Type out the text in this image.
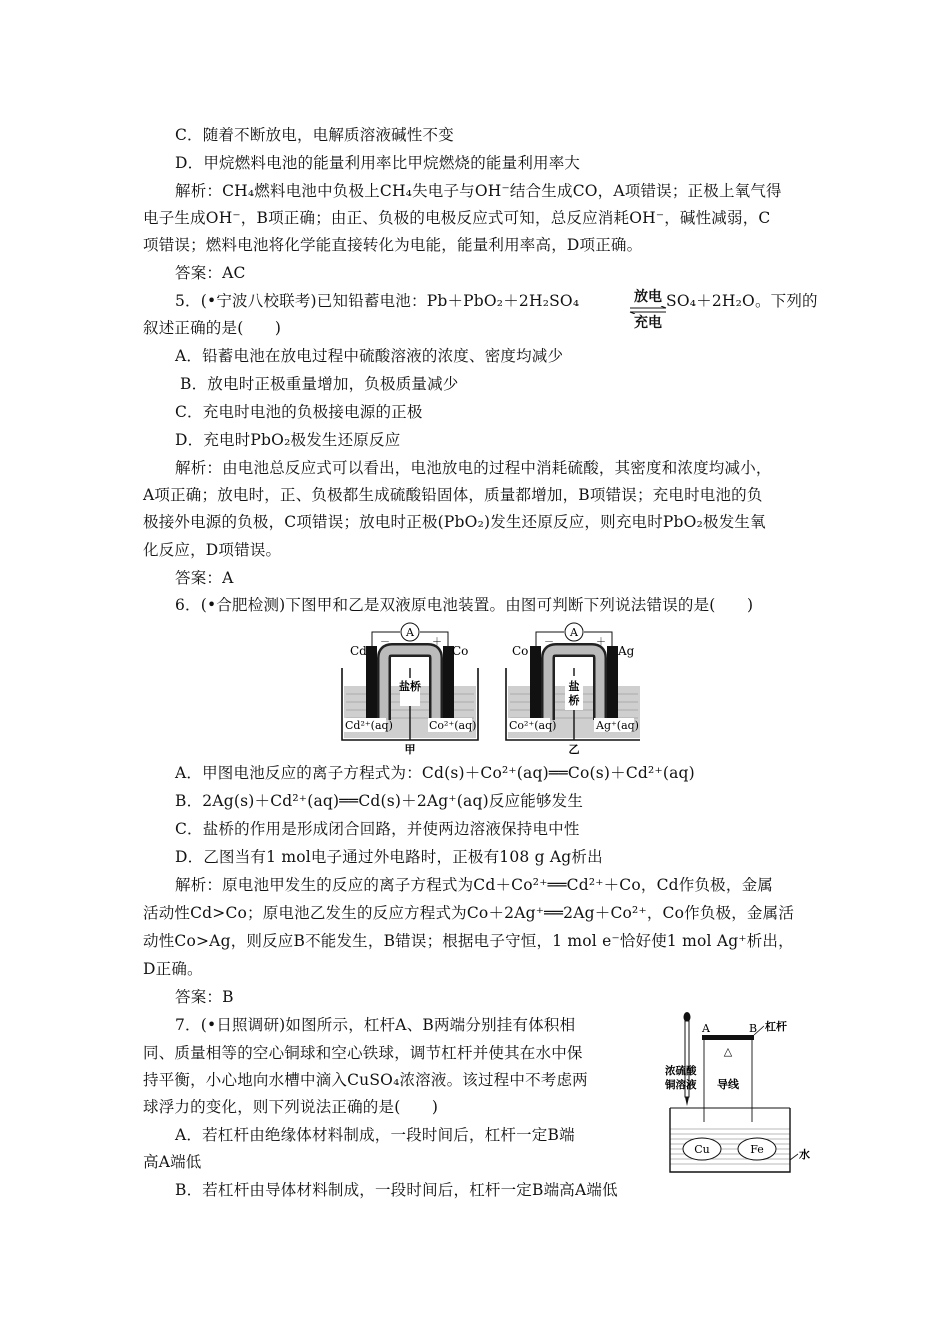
C．随着不断放电，电解质溶液碱性不变
D．甲烷燃料电池的能量利用率比甲烷燃烧的能量利用率大
解析：CH₄燃料电池中负极上CH₄失电子与OH⁻结合生成CO，A项错误；正极上氧气得
电子生成OH⁻，B项正确；由正、负极的电极反应式可知，总反应消耗OH⁻，碱性减弱，C
项错误；燃料电池将化学能直接转化为电能，能量利用率高，D项正确。
答案：AC
5．(•宁波八校联考)已知铅蓄电池：Pb＋PbO₂＋2H₂SO₄	放电
充电
SO₄＋2H₂O。下列的
叙述正确的是(　　)
A．铅蓄电池在放电过程中硫酸溶液的浓度、密度均减少
B．放电时正极重量增加，负极质量减少
C．充电时电池的负极接电源的正极
D．充电时PbO₂极发生还原反应
解析：由电池总反应式可以看出，电池放电的过程中消耗硫酸，其密度和浓度均减小，
A项正确；放电时，正、负极都生成硫酸铅固体，质量都增加，B项错误；充电时电池的负
极接外电源的负极，C项错误；放电时正极(PbO₂)发生还原反应，则充电时PbO₂极发生氧
化反应，D项错误。
答案：A
6．(•合肥检测)下图甲和乙是双液原电池装置。由图可判断下列说法错误的是(　　)
A
Cd	Co
－	＋
盐桥
Cd²⁺(aq)	Co²⁺(aq)
甲
A
Co	Ag
－	＋
盐
桥
Co²⁺(aq)	Ag⁺(aq)
乙
A．甲图电池反应的离子方程式为：Cd(s)＋Co²⁺(aq)══Co(s)＋Cd²⁺(aq)
B．2Ag(s)＋Cd²⁺(aq)══Cd(s)＋2Ag⁺(aq)反应能够发生
C．盐桥的作用是形成闭合回路，并使两边溶液保持电中性
D．乙图当有1 mol电子通过外电路时，正极有108 g Ag析出
解析：原电池甲发生的反应的离子方程式为Cd＋Co²⁺══Cd²⁺＋Co，Cd作负极，金属
活动性Cd>Co；原电池乙发生的反应方程式为Co＋2Ag⁺══2Ag＋Co²⁺，Co作负极，金属活
动性Co>Ag，则反应B不能发生，B错误；根据电子守恒，1 mol e⁻恰好使1 mol Ag⁺析出，
D正确。
答案：B
7．(•日照调研)如图所示，杠杆A、B两端分别挂有体积相
同、质量相等的空心铜球和空心铁球，调节杠杆并使其在水中保
持平衡，小心地向水槽中滴入CuSO₄浓溶液。该过程中不考虑两
球浮力的变化，则下列说法正确的是(　　)
A．若杠杆由绝缘体材料制成，一段时间后，杠杆一定B端
高A端低
B．若杠杆由导体材料制成，一段时间后，杠杆一定B端高A端低
A	B 杠杆
△
浓硫酸
铜溶液 导线
Cu	Fe	水
